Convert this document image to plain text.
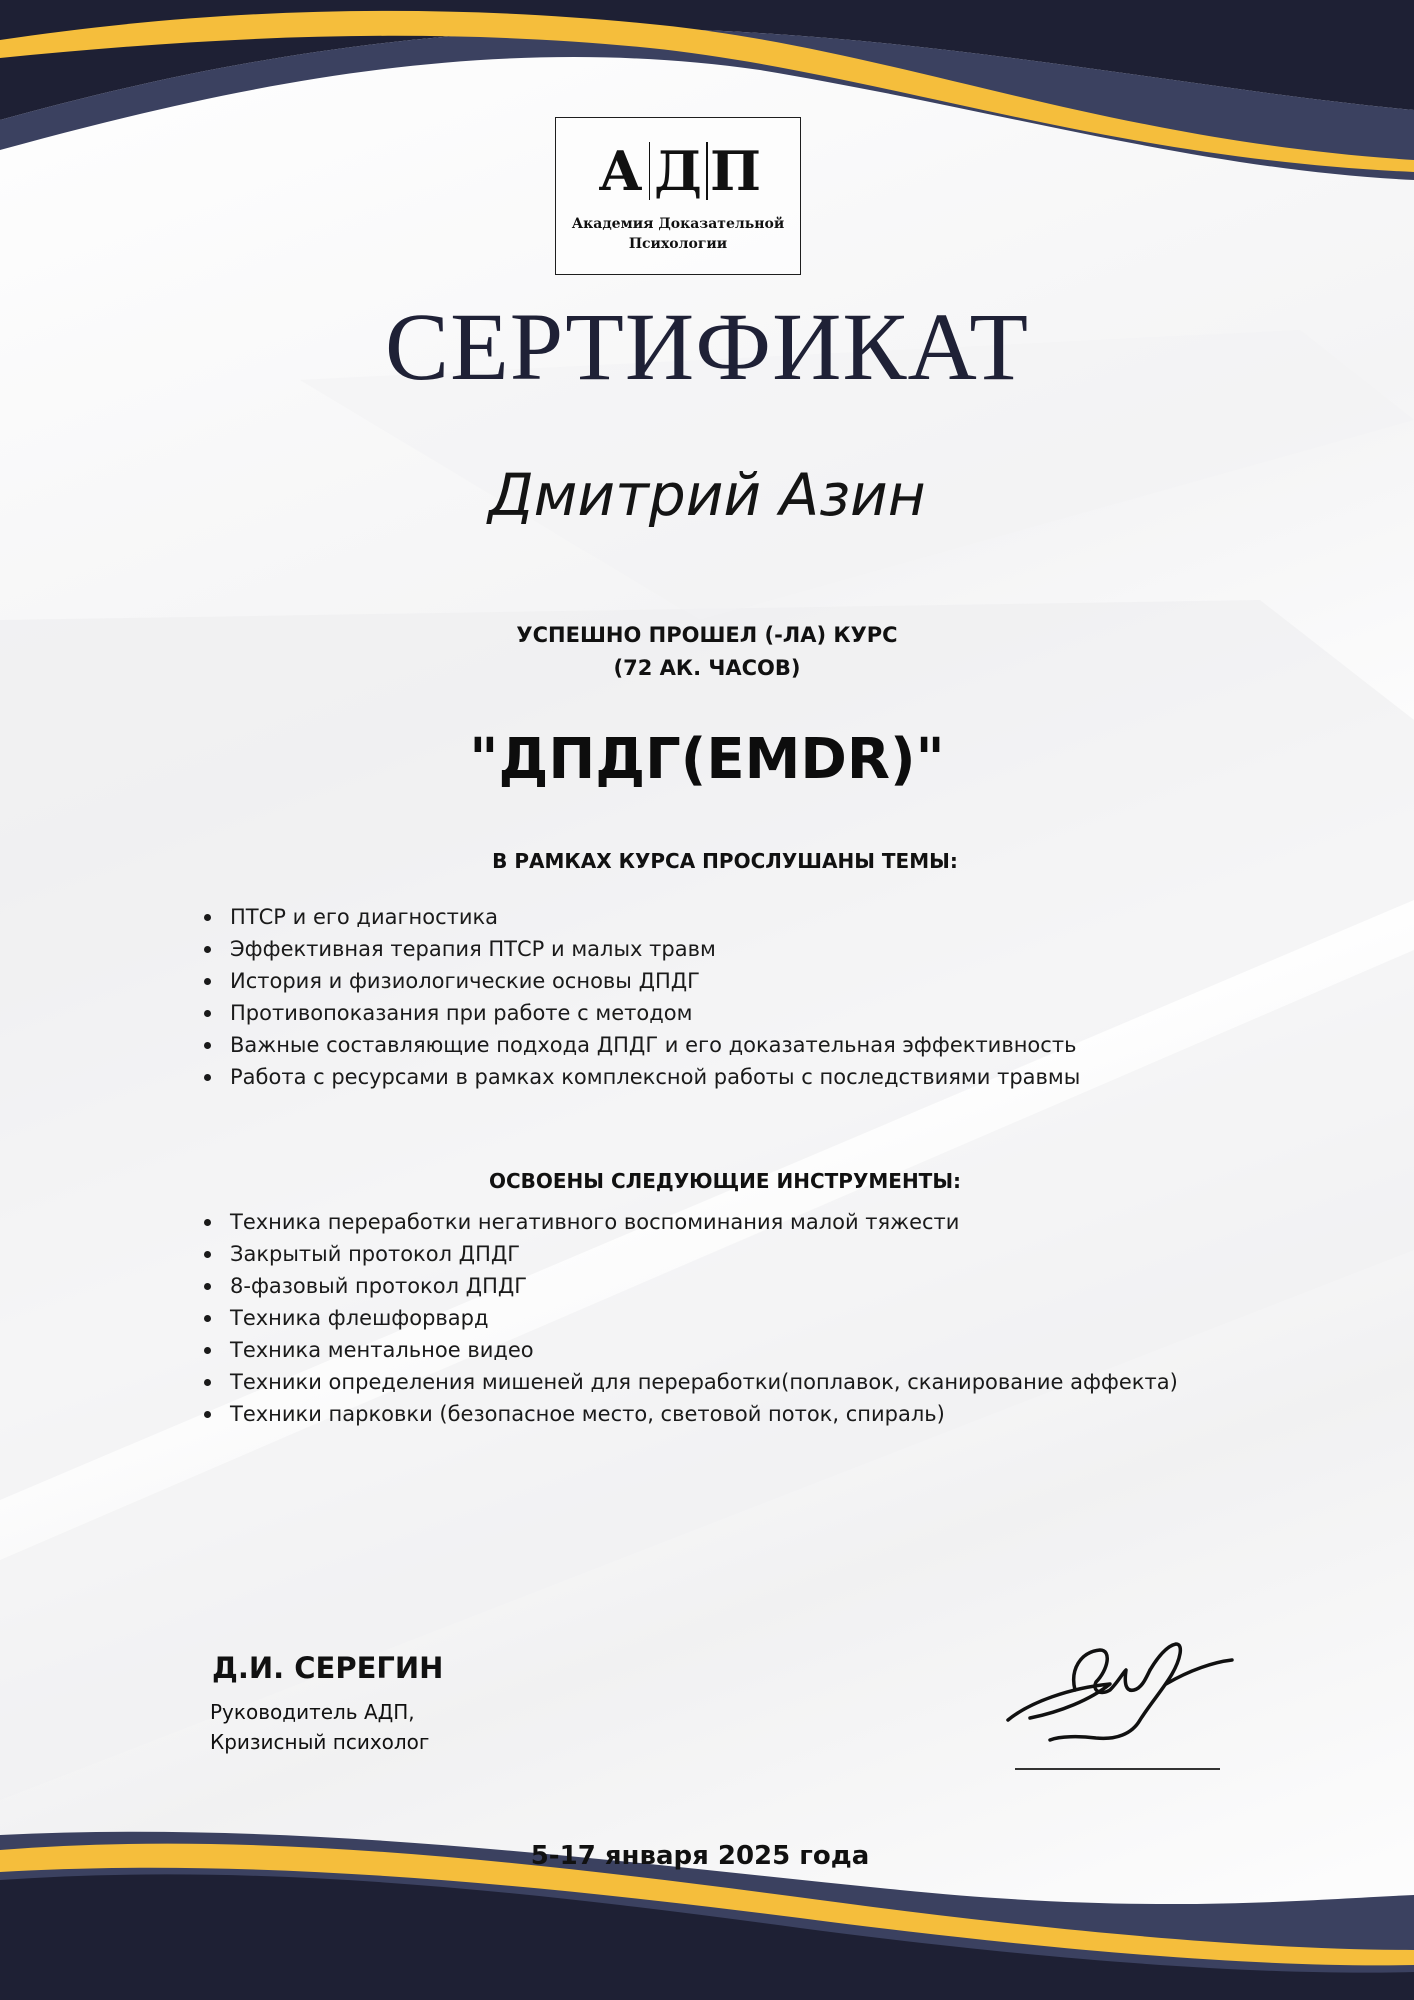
А Д П
Академия Доказательной
Психологии
СЕРТИФИКАТ
Дмитрий Азин
УСПЕШНО ПРОШЕЛ (-ЛА) КУРС
(72 АК. ЧАСОВ)
"ДПДГ(EMDR)"
В РАМКАХ КУРСА ПРОСЛУШАНЫ ТЕМЫ:
ПТСР и его диагностика
Эффективная терапия ПТСР и малых травм
История и физиологические основы ДПДГ
Противопоказания при работе с методом
Важные составляющие подхода ДПДГ и его доказательная эффективность
Работа с ресурсами в рамках комплексной работы с последствиями травмы
ОСВОЕНЫ СЛЕДУЮЩИЕ ИНСТРУМЕНТЫ:
Техника переработки негативного воспоминания малой тяжести
Закрытый протокол ДПДГ
8-фазовый протокол ДПДГ
Техника флешфорвард
Техника ментальное видео
Техники определения мишеней для переработки(поплавок, сканирование аффекта)
Техники парковки (безопасное место, световой поток, спираль)
Д.И. СЕРЕГИН
Руководитель АДП,
Кризисный психолог
5-17 января 2025 года
